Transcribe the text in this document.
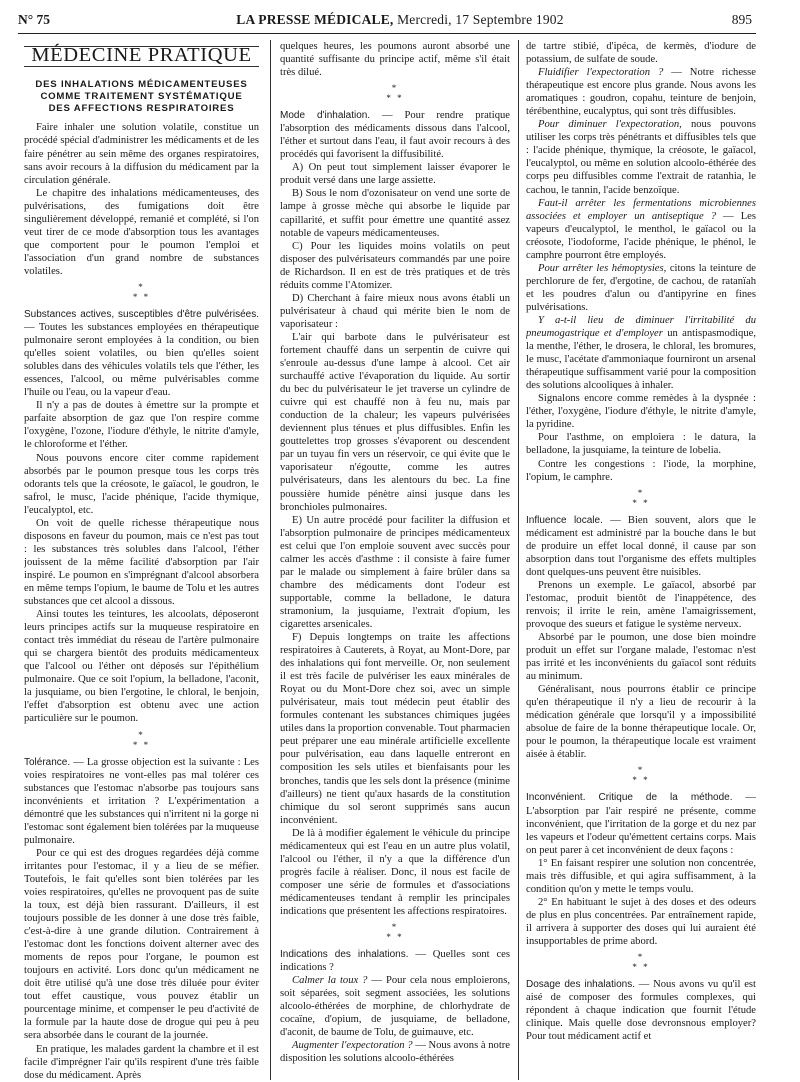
N° 75	LA PRESSE MÉDICALE, Mercredi, 17 Septembre 1902	895
MÉDECINE PRATIQUE
DES INHALATIONS MÉDICAMENTEUSES
COMME TRAITEMENT SYSTÉMATIQUE
DES AFFECTIONS RESPIRATOIRES

Faire inhaler une solution volatile, constitue un procédé spécial d'administrer les médicaments et de les faire pénétrer au sein même des organes respiratoires, sans avoir recours à la diffusion du médicament par la circulation générale.

Le chapitre des inhalations médicamenteuses, des pulvérisations, des fumigations doit être singulièrement développé, remanié et complété, si l'on veut tirer de ce mode d'absorption tous les avantages que comportent pour le poumon l'emploi et l'association d'un grand nombre de substances volatiles.

*
* *

Substances actives, susceptibles d'être pulvérisées. — Toutes les substances employées en thérapeutique pulmonaire seront employées à la condition, ou bien qu'elles soient volatiles, ou bien qu'elles soient solubles dans des véhicules volatils tels que l'éther, les essences, l'alcool, ou même pulvérisables comme l'huile ou l'eau, ou la vapeur d'eau.

Il n'y a pas de doutes à émettre sur la prompte et parfaite absorption de gaz que l'on respire comme l'oxygène, l'ozone, l'iodure d'éthyle, le nitrite d'amyle, le chloroforme et l'éther.

Nous pouvons encore citer comme rapidement absorbés par le poumon presque tous les corps très odorants tels que la créosote, le gaïacol, le goudron, le safrol, le musc, l'acide phénique, l'acide thymique, l'eucalyptol, etc.

On voit de quelle richesse thérapeutique nous disposons en faveur du poumon, mais ce n'est pas tout : les substances très solubles dans l'alcool, l'éther jouissent de la même facilité d'absorption par l'air inspiré. Le poumon en s'imprégnant d'alcool absorbera en même temps l'opium, le baume de Tolu et les autres substances que cet alcool a dissous.

Ainsi toutes les teintures, les alcoolats, déposeront leurs principes actifs sur la muqueuse respiratoire en contact très immédiat du réseau de l'artère pulmonaire qui se chargera bientôt des produits médicamenteux que l'alcool ou l'éther ont déposés sur l'épithélium pulmonaire. Que ce soit l'opium, la belladone, l'aconit, la jusquiame, ou bien l'ergotine, le chloral, le benjoin, l'effet d'absorption est obtenu avec une action particulière sur le poumon.

*
* *

Tolérance. — La grosse objection est la suivante : Les voies respiratoires ne vont-elles pas mal tolérer ces substances que l'estomac n'absorbe pas toujours sans inconvénients et irritation ? L'expérimentation a démontré que les substances qui n'irritent ni la gorge ni l'estomac sont également bien tolérées par la muqueuse pulmonaire.

Pour ce qui est des drogues regardées déjà comme irritantes pour l'estomac, il y a lieu de se méfier. Toutefois, le fait qu'elles sont bien tolérées par les voies respiratoires, qu'elles ne provoquent pas de suite la toux, est déjà bien rassurant. D'ailleurs, il est toujours possible de les donner à une dose très faible, c'est-à-dire à une grande dilution. Contrairement à l'estomac dont les fonctions doivent alterner avec des moments de repos pour l'organe, le poumon est toujours en activité. Lors donc qu'un médicament ne doit être utilisé qu'à une dose très diluée pour éviter tout effet caustique, vous pouvez établir un pourcentage minime, et compenser le peu d'activité de la formule par la haute dose de drogue qui peu à peu sera absorbée dans le courant de la journée.

En pratique, les malades gardent la chambre et il est facile d'imprégner l'air qu'ils respirent d'une très faible dose du médicament. Après

quelques heures, les poumons auront absorbé une quantité suffisante du principe actif, même s'il était très dilué.

*
* *

Mode d'inhalation. — Pour rendre pratique l'absorption des médicaments dissous dans l'alcool, l'éther et surtout dans l'eau, il faut avoir recours à des procédés qui favorisent la diffusibilité.

A) On peut tout simplement laisser évaporer le produit versé dans une large assiette.

B) Sous le nom d'ozonisateur on vend une sorte de lampe à grosse mèche qui absorbe le liquide par capillarité, et suffit pour émettre une quantité assez notable de vapeurs médicamenteuses.

C) Pour les liquides moins volatils on peut disposer des pulvérisateurs commandés par une poire de Richardson. Il en est de très pratiques et de très réduits comme l'Atomizer.

D) Cherchant à faire mieux nous avons établi un pulvérisateur à chaud qui mérite bien le nom de vaporisateur :

L'air qui barbote dans le pulvérisateur est fortement chauffé dans un serpentin de cuivre qui s'enroule au-dessus d'une lampe à alcool. Cet air surchauffé active l'évaporation du liquide. Au sortir du bec du pulvérisateur le jet traverse un cylindre de cuivre qui est chauffé non à feu nu, mais par conduction de la chaleur; les vapeurs pulvérisées deviennent plus ténues et plus diffusibles. Enfin les gouttelettes trop grosses s'évaporent ou descendent par un tuyau fin vers un réservoir, ce qui évite que le vaporisateur n'égoutte, comme les autres pulvérisateurs, dans les alentours du bec. La fine poussière humide pénètre ainsi jusque dans les bronchioles pulmonaires.

E) Un autre procédé pour faciliter la diffusion et l'absorption pulmonaire de principes médicamenteux est celui que l'on emploie souvent avec succès pour calmer les accès d'asthme : il consiste à faire fumer par le malade ou simplement à faire brûler dans sa chambre des médicaments dont l'odeur est supportable, comme la belladone, le datura stramonium, la jusquiame, l'extrait d'opium, les cigarettes arsenicales.

F) Depuis longtemps on traite les affections respiratoires à Cauterets, à Royat, au Mont-Dore, par des inhalations qui font merveille. Or, non seulement il est très facile de pulvériser les eaux minérales de Royat ou du Mont-Dore chez soi, avec un simple pulvérisateur, mais tout médecin peut établir des formules contenant les substances chimiques jugées utiles dans la proportion convenable. Tout pharmacien peut préparer une eau minérale artificielle excellente pour pulvérisation, eau dans laquelle entreront en composition les sels utiles et bienfaisants pour les bronches, tandis que les sels dont la présence (minime d'ailleurs) ne tient qu'aux hasards de la constitution chimique du sol seront supprimés sans aucun inconvénient.

De là à modifier également le véhicule du principe médicamenteux qui est l'eau en un autre plus volatil, l'alcool ou l'éther, il n'y a que la différence d'un progrès facile à réaliser. Donc, il nous est facile de composer une série de formules et d'associations médicamenteuses tendant à remplir les principales indications que présentent les affections respiratoires.

*
* *

Indications des inhalations. — Quelles sont ces indications ?

Calmer la toux ? — Pour cela nous emploierons, soit séparées, soit segment associées, les solutions alcoolo-éthérées de morphine, de chlorhydrate de cocaïne, d'opium, de jusquiame, de belladone, d'aconit, de baume de Tolu, de guimauve, etc.

Augmenter l'expectoration ? — Nous avons à notre disposition les solutions alcoolo-éthérées

de tartre stibié, d'ipéca, de kermès, d'iodure de potassium, de sulfate de soude.

Fluidifier l'expectoration ? — Notre richesse thérapeutique est encore plus grande. Nous avons les aromatiques : goudron, copahu, teinture de benjoin, térébenthine, eucalyptus, qui sont très diffusibles.

Pour diminuer l'expectoration, nous pouvons utiliser les corps très pénétrants et diffusibles tels que : l'acide phénique, thymique, la créosote, le gaïacol, l'eucalyptol, ou même en solution alcoolo-éthérée des corps peu diffusibles comme l'extrait de ratanhia, le cachou, le tannin, l'acide benzoïque.

Faut-il arrêter les fermentations microbiennes associées et employer un antiseptique ? — Les vapeurs d'eucalyptol, le menthol, le gaïacol ou la créosote, l'iodoforme, l'acide phénique, le phénol, le camphre pourront être employés.

Pour arrêter les hémoptysies, citons la teinture de perchlorure de fer, d'ergotine, de cachou, de ratanïah et les poudres d'alun ou d'antipyrine en fines pulvérisations.

Y a-t-il lieu de diminuer l'irritabilité du pneumogastrique et d'employer un antispasmodique, la menthe, l'éther, le drosera, le chloral, les bromures, le musc, l'acétate d'ammoniaque fourniront un arsenal thérapeutique suffisamment varié pour la composition des solutions alcooliques à inhaler.

Signalons encore comme remèdes à la dyspnée : l'éther, l'oxygène, l'iodure d'éthyle, le nitrite d'amyle, la pyridine.

Pour l'asthme, on emploiera : le datura, la belladone, la jusquiame, la teinture de lobelia.

Contre les congestions : l'iode, la morphine, l'opium, le camphre.

*
* *

Influence locale. — Bien souvent, alors que le médicament est administré par la bouche dans le but de produire un effet local donné, il cause par son absorption dans tout l'organisme des effets multiples dont quelques-uns peuvent être nuisibles.

Prenons un exemple. Le gaïacol, absorbé par l'estomac, produit bientôt de l'inappétence, des renvois; il irrite le rein, amène l'amaigrissement, provoque des sueurs et fatigue le système nerveux.

Absorbé par le poumon, une dose bien moindre produit un effet sur l'organe malade, l'estomac n'est pas irrité et les inconvénients du gaïacol sont réduits au minimum.

Généralisant, nous pourrons établir ce principe qu'en thérapeutique il n'y a lieu de recourir à la médication générale que lorsqu'il y a impossibilité absolue de faire de la bonne thérapeutique locale. Or, pour le poumon, la thérapeutique locale est vraiment aisée à établir.

*
* *

Inconvénient. Critique de la méthode. — L'absorption par l'air respiré ne présente, comme inconvénient, que l'irritation de la gorge et du nez par les vapeurs et l'odeur qu'émettent certains corps. Mais on peut parer à cet inconvénient de deux façons :

1° En faisant respirer une solution non concentrée, mais très diffusible, et qui agira suffisamment, à la condition qu'on y mette le temps voulu.

2° En habituant le sujet à des doses et des odeurs de plus en plus concentrées. Par entraînement rapide, il arrivera à supporter des doses qui lui auraient été insupportables de prime abord.

*
* *

Dosage des inhalations. — Nous avons vu qu'il est aisé de composer des formules complexes, qui répondent à chaque indication que fournit l'étude clinique. Mais quelle dose devronsnous employer? Pour tout médicament actif et
